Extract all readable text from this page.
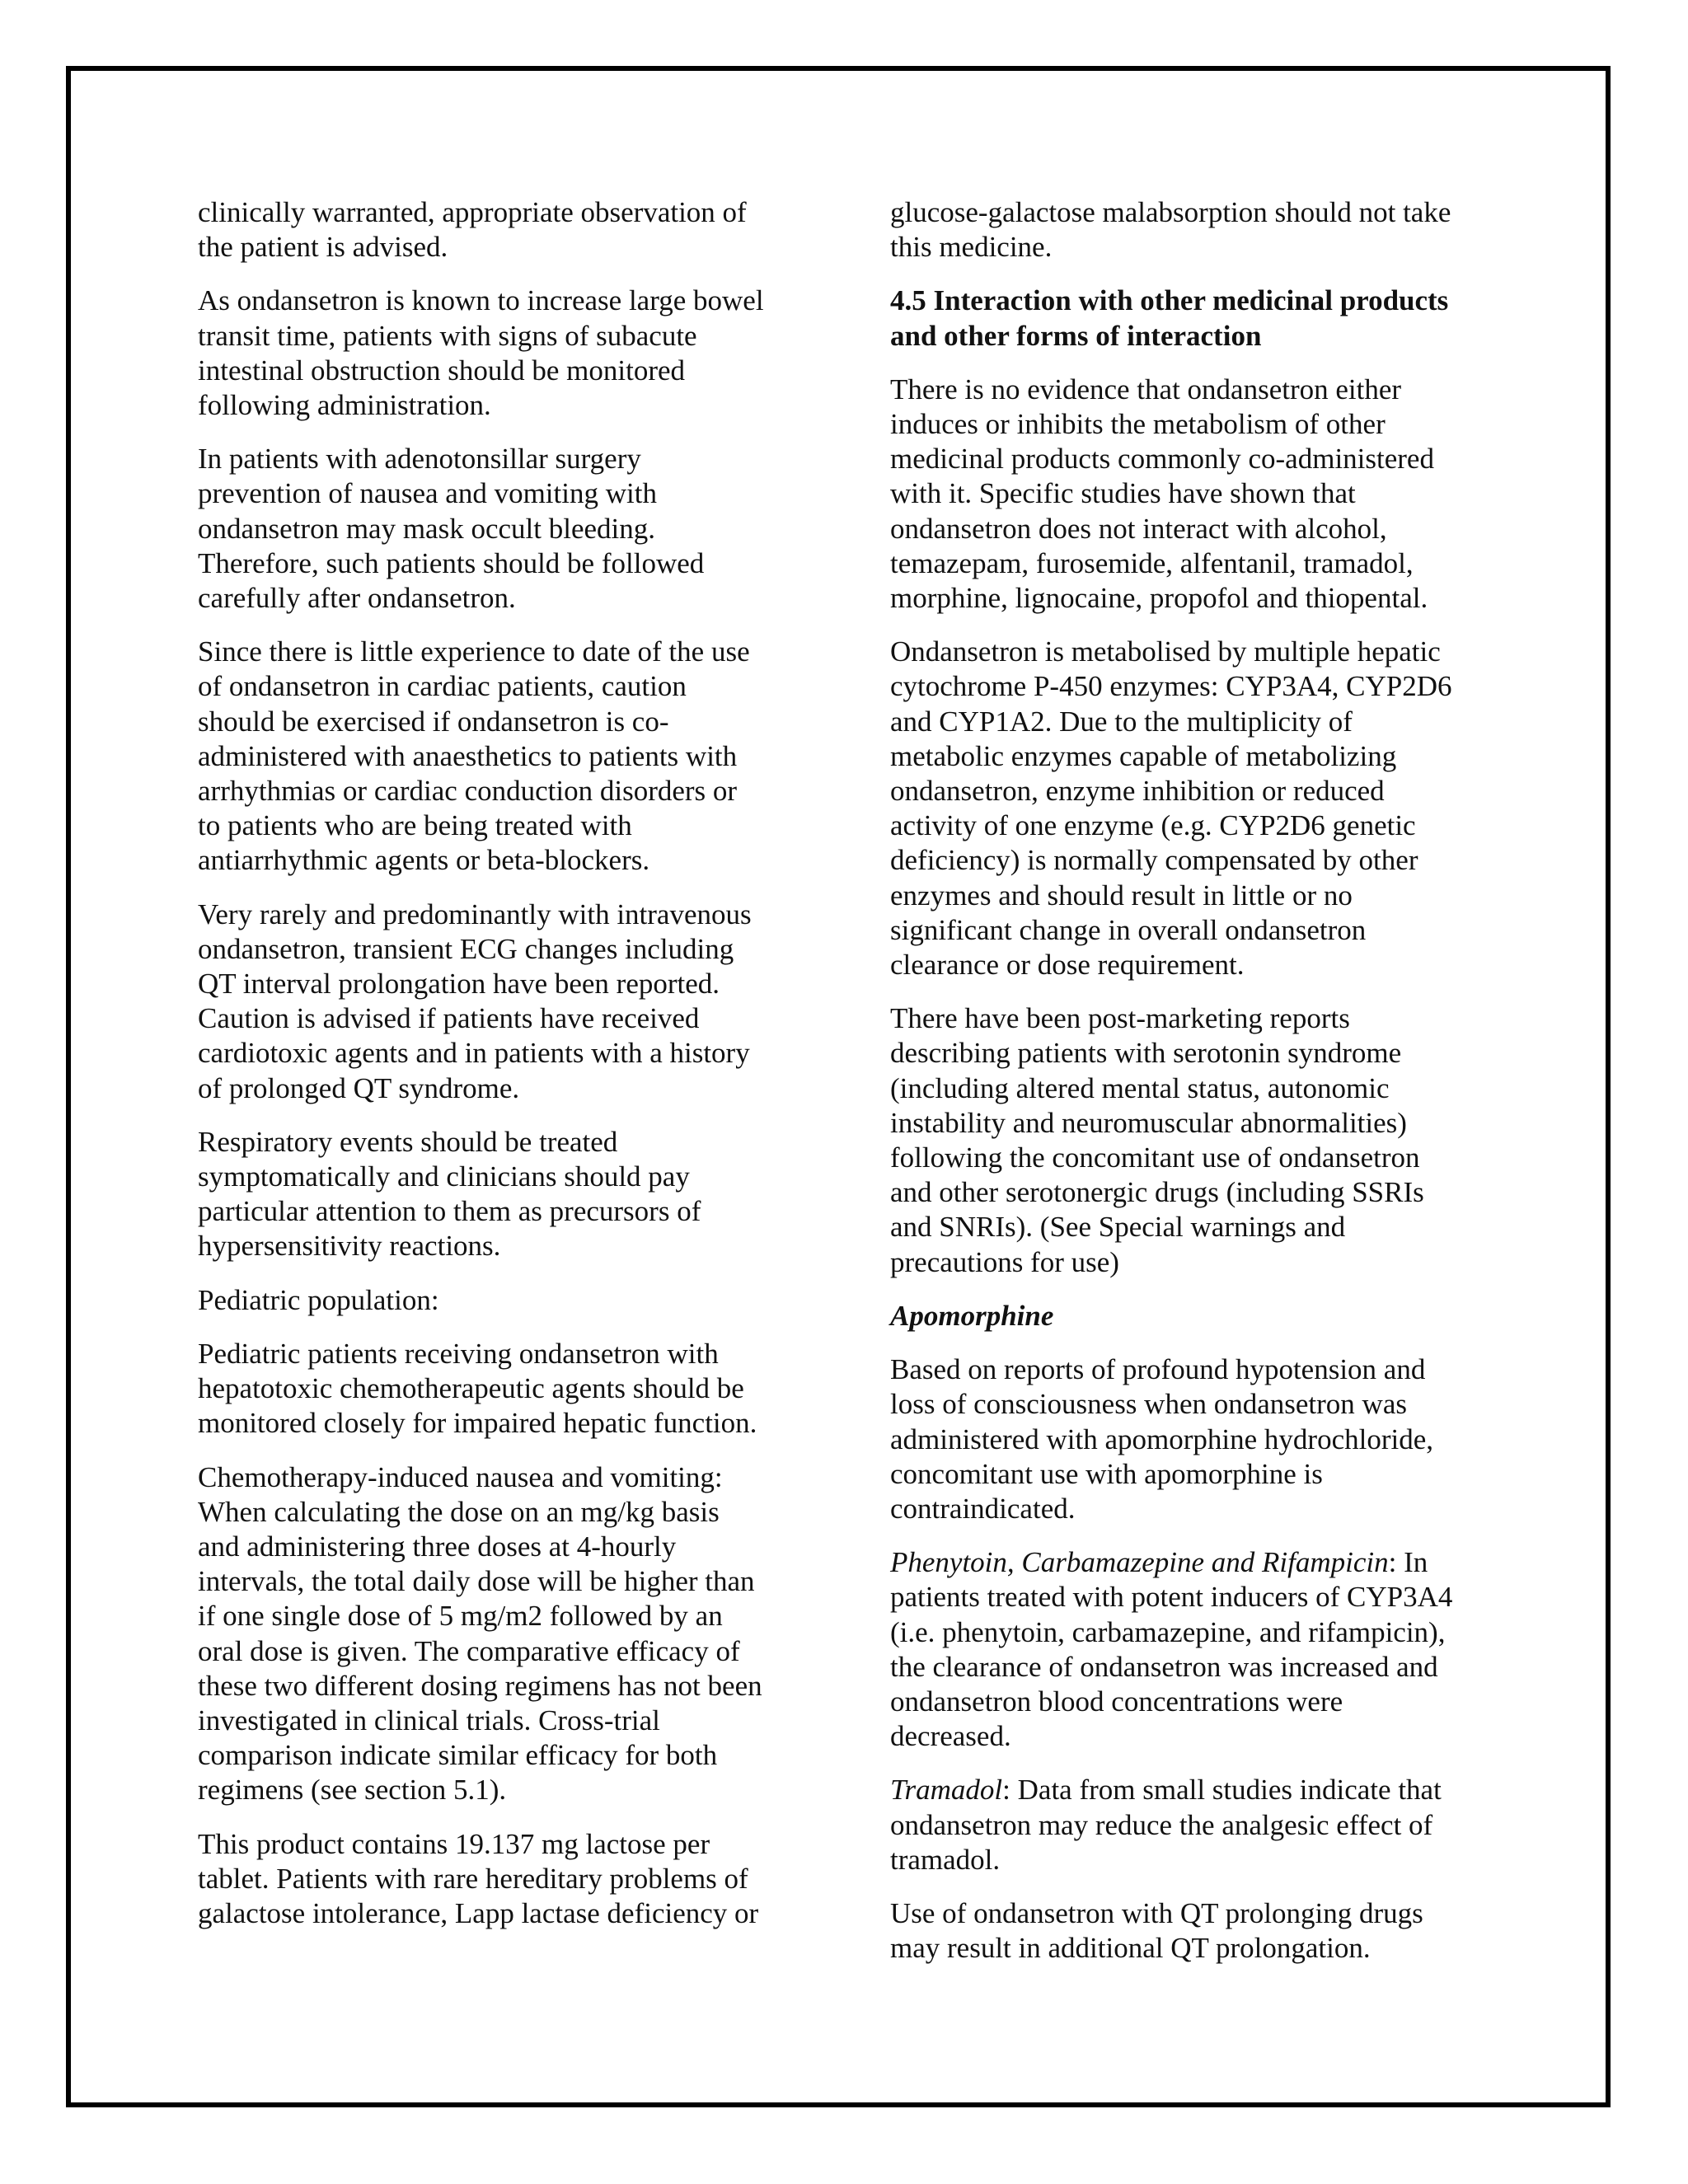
clinically warranted, appropriate observation of
the patient is advised.

As ondansetron is known to increase large bowel
transit time, patients with signs of subacute
intestinal obstruction should be monitored
following administration.

In patients with adenotonsillar surgery
prevention of nausea and vomiting with
ondansetron may mask occult bleeding.
Therefore, such patients should be followed
carefully after ondansetron.

Since there is little experience to date of the use
of ondansetron in cardiac patients, caution
should be exercised if ondansetron is co-
administered with anaesthetics to patients with
arrhythmias or cardiac conduction disorders or
to patients who are being treated with
antiarrhythmic agents or beta-blockers.

Very rarely and predominantly with intravenous
ondansetron, transient ECG changes including
QT interval prolongation have been reported.
Caution is advised if patients have received
cardiotoxic agents and in patients with a history
of prolonged QT syndrome.

Respiratory events should be treated
symptomatically and clinicians should pay
particular attention to them as precursors of
hypersensitivity reactions.

Pediatric population:

Pediatric patients receiving ondansetron with
hepatotoxic chemotherapeutic agents should be
monitored closely for impaired hepatic function.

Chemotherapy-induced nausea and vomiting:
When calculating the dose on an mg/kg basis
and administering three doses at 4-hourly
intervals, the total daily dose will be higher than
if one single dose of 5 mg/m2 followed by an
oral dose is given. The comparative efficacy of
these two different dosing regimens has not been
investigated in clinical trials. Cross-trial
comparison indicate similar efficacy for both
regimens (see section 5.1).

This product contains 19.137 mg lactose per
tablet. Patients with rare hereditary problems of
galactose intolerance, Lapp lactase deficiency or

glucose-galactose malabsorption should not take
this medicine.

4.5 Interaction with other medicinal products
and other forms of interaction

There is no evidence that ondansetron either
induces or inhibits the metabolism of other
medicinal products commonly co-administered
with it. Specific studies have shown that
ondansetron does not interact with alcohol,
temazepam, furosemide, alfentanil, tramadol,
morphine, lignocaine, propofol and thiopental.

Ondansetron is metabolised by multiple hepatic
cytochrome P-450 enzymes: CYP3A4, CYP2D6
and CYP1A2. Due to the multiplicity of
metabolic enzymes capable of metabolizing
ondansetron, enzyme inhibition or reduced
activity of one enzyme (e.g. CYP2D6 genetic
deficiency) is normally compensated by other
enzymes and should result in little or no
significant change in overall ondansetron
clearance or dose requirement.

There have been post-marketing reports
describing patients with serotonin syndrome
(including altered mental status, autonomic
instability and neuromuscular abnormalities)
following the concomitant use of ondansetron
and other serotonergic drugs (including SSRIs
and SNRIs). (See Special warnings and
precautions for use)

Apomorphine

Based on reports of profound hypotension and
loss of consciousness when ondansetron was
administered with apomorphine hydrochloride,
concomitant use with apomorphine is
contraindicated.

Phenytoin, Carbamazepine and Rifampicin: In
patients treated with potent inducers of CYP3A4
(i.e. phenytoin, carbamazepine, and rifampicin),
the clearance of ondansetron was increased and
ondansetron blood concentrations were
decreased.

Tramadol: Data from small studies indicate that
ondansetron may reduce the analgesic effect of
tramadol.

Use of ondansetron with QT prolonging drugs
may result in additional QT prolongation.
